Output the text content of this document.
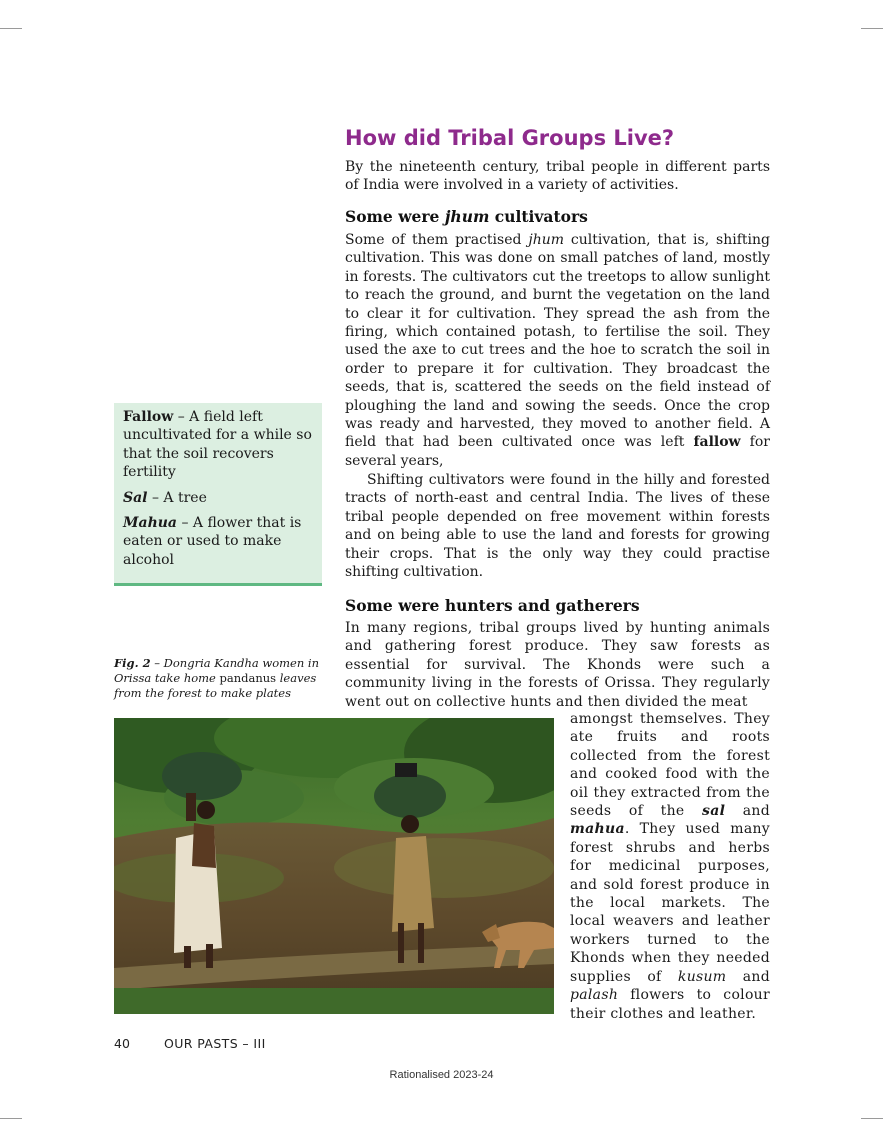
How did Tribal Groups Live?

By the nineteenth century, tribal people in different parts of India were involved in a variety of activities.

Some were jhum cultivators

Some of them practised jhum cultivation, that is, shifting cultivation. This was done on small patches of land, mostly in forests. The cultivators cut the treetops to allow sunlight to reach the ground, and burnt the vegetation on the land to clear it for cultivation. They spread the ash from the firing, which contained potash, to fertilise the soil. They used the axe to cut trees and the hoe to scratch the soil in order to prepare it for cultivation. They broadcast the seeds, that is, scattered the seeds on the field instead of ploughing the land and sowing the seeds. Once the crop was ready and harvested, they moved to another field. A field that had been cultivated once was left fallow for several years,

Shifting cultivators were found in the hilly and forested tracts of north-east and central India. The lives of these tribal people depended on free movement within forests and on being able to use the land and forests for growing their crops. That is the only way they could practise shifting cultivation.

Some were hunters and gatherers

In many regions, tribal groups lived by hunting animals and gathering forest produce. They saw forests as essential for survival. The Khonds were such a community living in the forests of Orissa. They regularly went out on collective hunts and then divided the meat

amongst themselves. They ate fruits and roots collected from the forest and cooked food with the oil they extracted from the seeds of the sal and mahua. They used many forest shrubs and herbs for medicinal purposes, and sold forest produce in the local markets. The local weavers and leather workers turned to the Khonds when they needed supplies of kusum and palash flowers to colour their clothes and leather.

Fallow – A field left uncultivated for a while so that the soil recovers fertility

Sal – A tree

Mahua – A flower that is eaten or used to make alcohol

Fig. 2 – Dongria Kandha women in Orissa take home pandanus leaves from the forest to make plates
40	OUR PASTS – III
Rationalised 2023-24
